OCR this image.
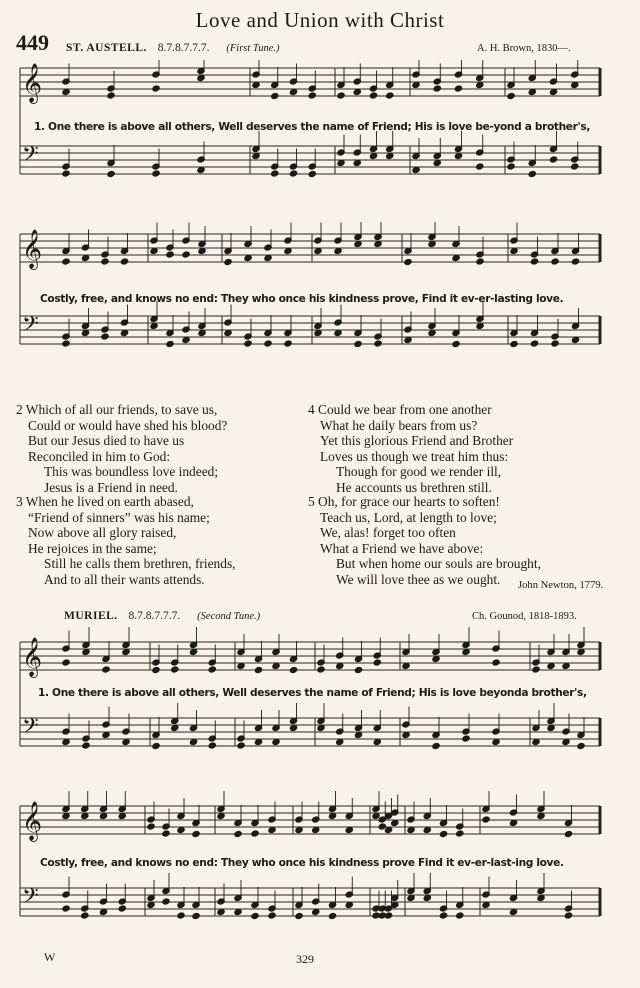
Love and Union with Christ
449 ST. AUSTELL. 8.7.8.7.7.7. (First Tune.)	A. H. Brown, 1830—.
𝄞
𝄢
1. One there is above all others, Well deserves the name of Friend; His is love be-yond a brother's,
𝄞
𝄢
Costly, free, and knows no end: They who once his kindness prove, Find it ev-er-lasting love.
2 Which of all our friends, to save us,
Could or would have shed his blood?
But our Jesus died to have us
Reconciled in him to God:
This was boundless love indeed;
Jesus is a Friend in need.
3 When he lived on earth abased,
“Friend of sinners” was his name;
Now above all glory raised,
He rejoices in the same;
Still he calls them brethren, friends,
And to all their wants attends.
4 Could we bear from one another
What he daily bears from us?
Yet this glorious Friend and Brother
Loves us though we treat him thus:
Though for good we render ill,
He accounts us brethren still.
5 Oh, for grace our hearts to soften!
Teach us, Lord, at length to love;
We, alas! forget too often
What a Friend we have above:
But when home our souls are brought,
We will love thee as we ought.	John Newton, 1779.
MURIEL. 8.7.8.7.7.7. (Second Tune.)	Ch. Gounod, 1818-1893.
𝄞
𝄢
1. One there is above all others, Well deserves the name of Friend; His is love beyonda brother's,
𝄞
𝄢
Costly, free, and knows no end: They who once his kindness prove Find it ev-er-last-ing love.
W	329
